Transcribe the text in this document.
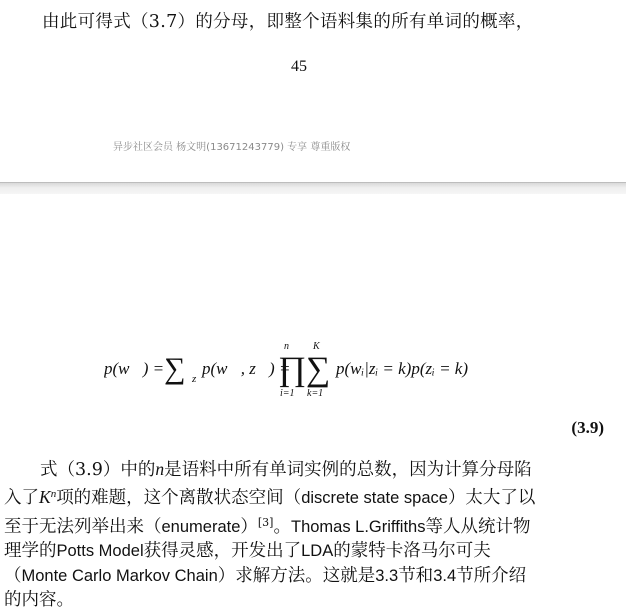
由此可得式（3.7）的分母，即整个语料集的所有单词的概率，
45
异步社区会员 杨文明(13671243779) 专享 尊重版权
p(w⃗) = ∑ z
p(w⃗, z⃗) =
n
∏
i=1
K
∑
k=1
p(wᵢ|zᵢ = k)p(zᵢ = k)
(3.9)
式（3.9）中的n是语料中所有单词实例的总数，因为计算分母陷
入了$K^n$项的难题，这个离散状态空间（discrete state space）太大了以
至于无法列举出来（enumerate）[3]。Thomas L.Griffiths等人从统计物
理学的Potts Model获得灵感，开发出了LDA的蒙特卡洛马尔可夫
（Monte Carlo Markov Chain）求解方法。这就是3.3节和3.4节所介绍
的内容。
